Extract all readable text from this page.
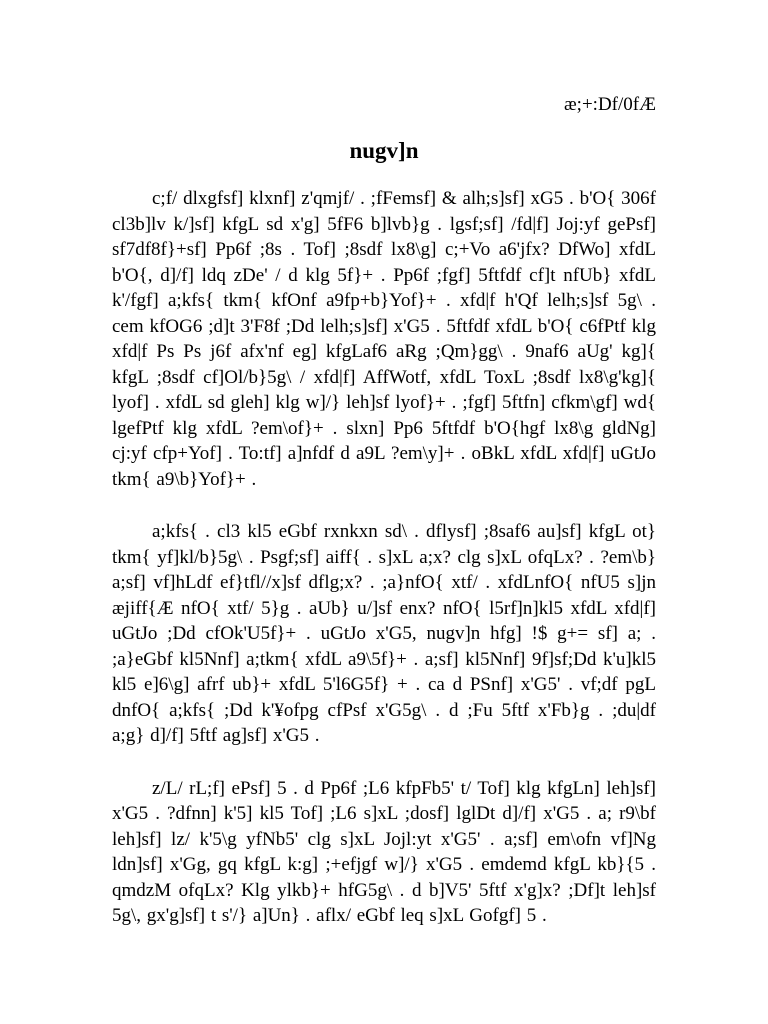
æ;+:Df/0fÆ
nugv]n

c;f/ dlxgfsf] klxnf] z'qmjf/ . ;fFemsf] & alh;s]sf] xG5 . b'O{ 306f cl3b]lv k/]sf] kfgL sd x'g] 5fF6 b]lvb}g . lgsf;sf] /fd|f] Joj:yf gePsf] sf7df8f}+sf] Pp6f ;8s . Tof] ;8sdf lx8\g] c;+Vo a6'jfx? DfWo] xfdL b'O{, d]/f] ldq zDe' / d klg 5f}+ . Pp6f ;fgf] 5ftfdf cf]t nfUb} xfdL k'/fgf] a;kfs{ tkm{ kfOnf a9fp+b}Yof}+ . xfd|f h'Qf lelh;s]sf 5g\ . cem kfOG6 ;d]t 3'F8f ;Dd lelh;s]sf] x'G5 . 5ftfdf xfdL b'O{ c6fPtf klg xfd|f Ps Ps j6f afx'nf eg] kfgLaf6 aRg ;Qm}gg\ . 9naf6 aUg' kg]{ kfgL ;8sdf cf]Ol/b}5g\ / xfd|f] AffWotf, xfdL ToxL ;8sdf lx8\g'kg]{ lyof] . xfdL sd gleh] klg w]/} leh]sf lyof}+ . ;fgf] 5ftfn] cfkm\gf] wd{ lgefPtf klg xfdL ?em\of}+ . slxn] Pp6 5ftfdf b'O{hgf lx8\g gldNg] cj:yf cfp+Yof] . To:tf] a]nfdf d a9L ?em\y]+ . oBkL xfdL xfd|f] uGtJo tkm{ a9\b}Yof}+ .

a;kfs{ . cl3 kl5 eGbf rxnkxn sd\ . dflysf] ;8saf6 au]sf] kfgL ot} tkm{ yf]kl/b}5g\ . Psgf;sf] aiff{ . s]xL a;x? clg s]xL ofqLx? . ?em\b} a;sf] vf]hLdf ef}tfl//x]sf dflg;x? . ;a}nfO{ xtf/ . xfdLnfO{ nfU5 s]jn æjiff{Æ nfO{ xtf/ 5}g . aUb} u/]sf enx? nfO{ l5rf]n]kl5 xfdL xfd|f] uGtJo ;Dd cfOk'U5f}+ . uGtJo x'G5, nugv]n hfg] !$ g+= sf] a; . ;a}eGbf kl5Nnf] a;tkm{ xfdL a9\5f}+ . a;sf] kl5Nnf] 9f]sf;Dd k'u]kl5 kl5 e]6\g] afrf ub}+ xfdL 5'l6G5f} + . ca d PSnf] x'G5' . vf;df pgL dnfO{ a;kfs{ ;Dd k'¥ofpg cfPsf x'G5g\ . d ;Fu 5ftf x'Fb}g . ;du|df a;g} d]/f] 5ftf ag]sf] x'G5 .

z/L/ rL;f] ePsf] 5 . d Pp6f ;L6 kfpFb5' t/ Tof] klg kfgLn] leh]sf] x'G5 . ?dfnn] k'5] kl5 Tof] ;L6 s]xL ;dosf] lglDt d]/f] x'G5 . a; r9\bf leh]sf] lz/ k'5\g yfNb5' clg s]xL Jojl:yt x'G5' . a;sf] em\ofn vf]Ng ldn]sf] x'Gg, gq kfgL k:g] ;+efjgf w]/} x'G5 . emdemd kfgL kb}{5 . qmdzM ofqLx? Klg ylkb}+ hfG5g\ . d b]V5' 5ftf x'g]x? ;Df]t leh]sf 5g\, gx'g]sf] t s'/} a]Un} . aflx/ eGbf leq s]xL Gofgf] 5 .
